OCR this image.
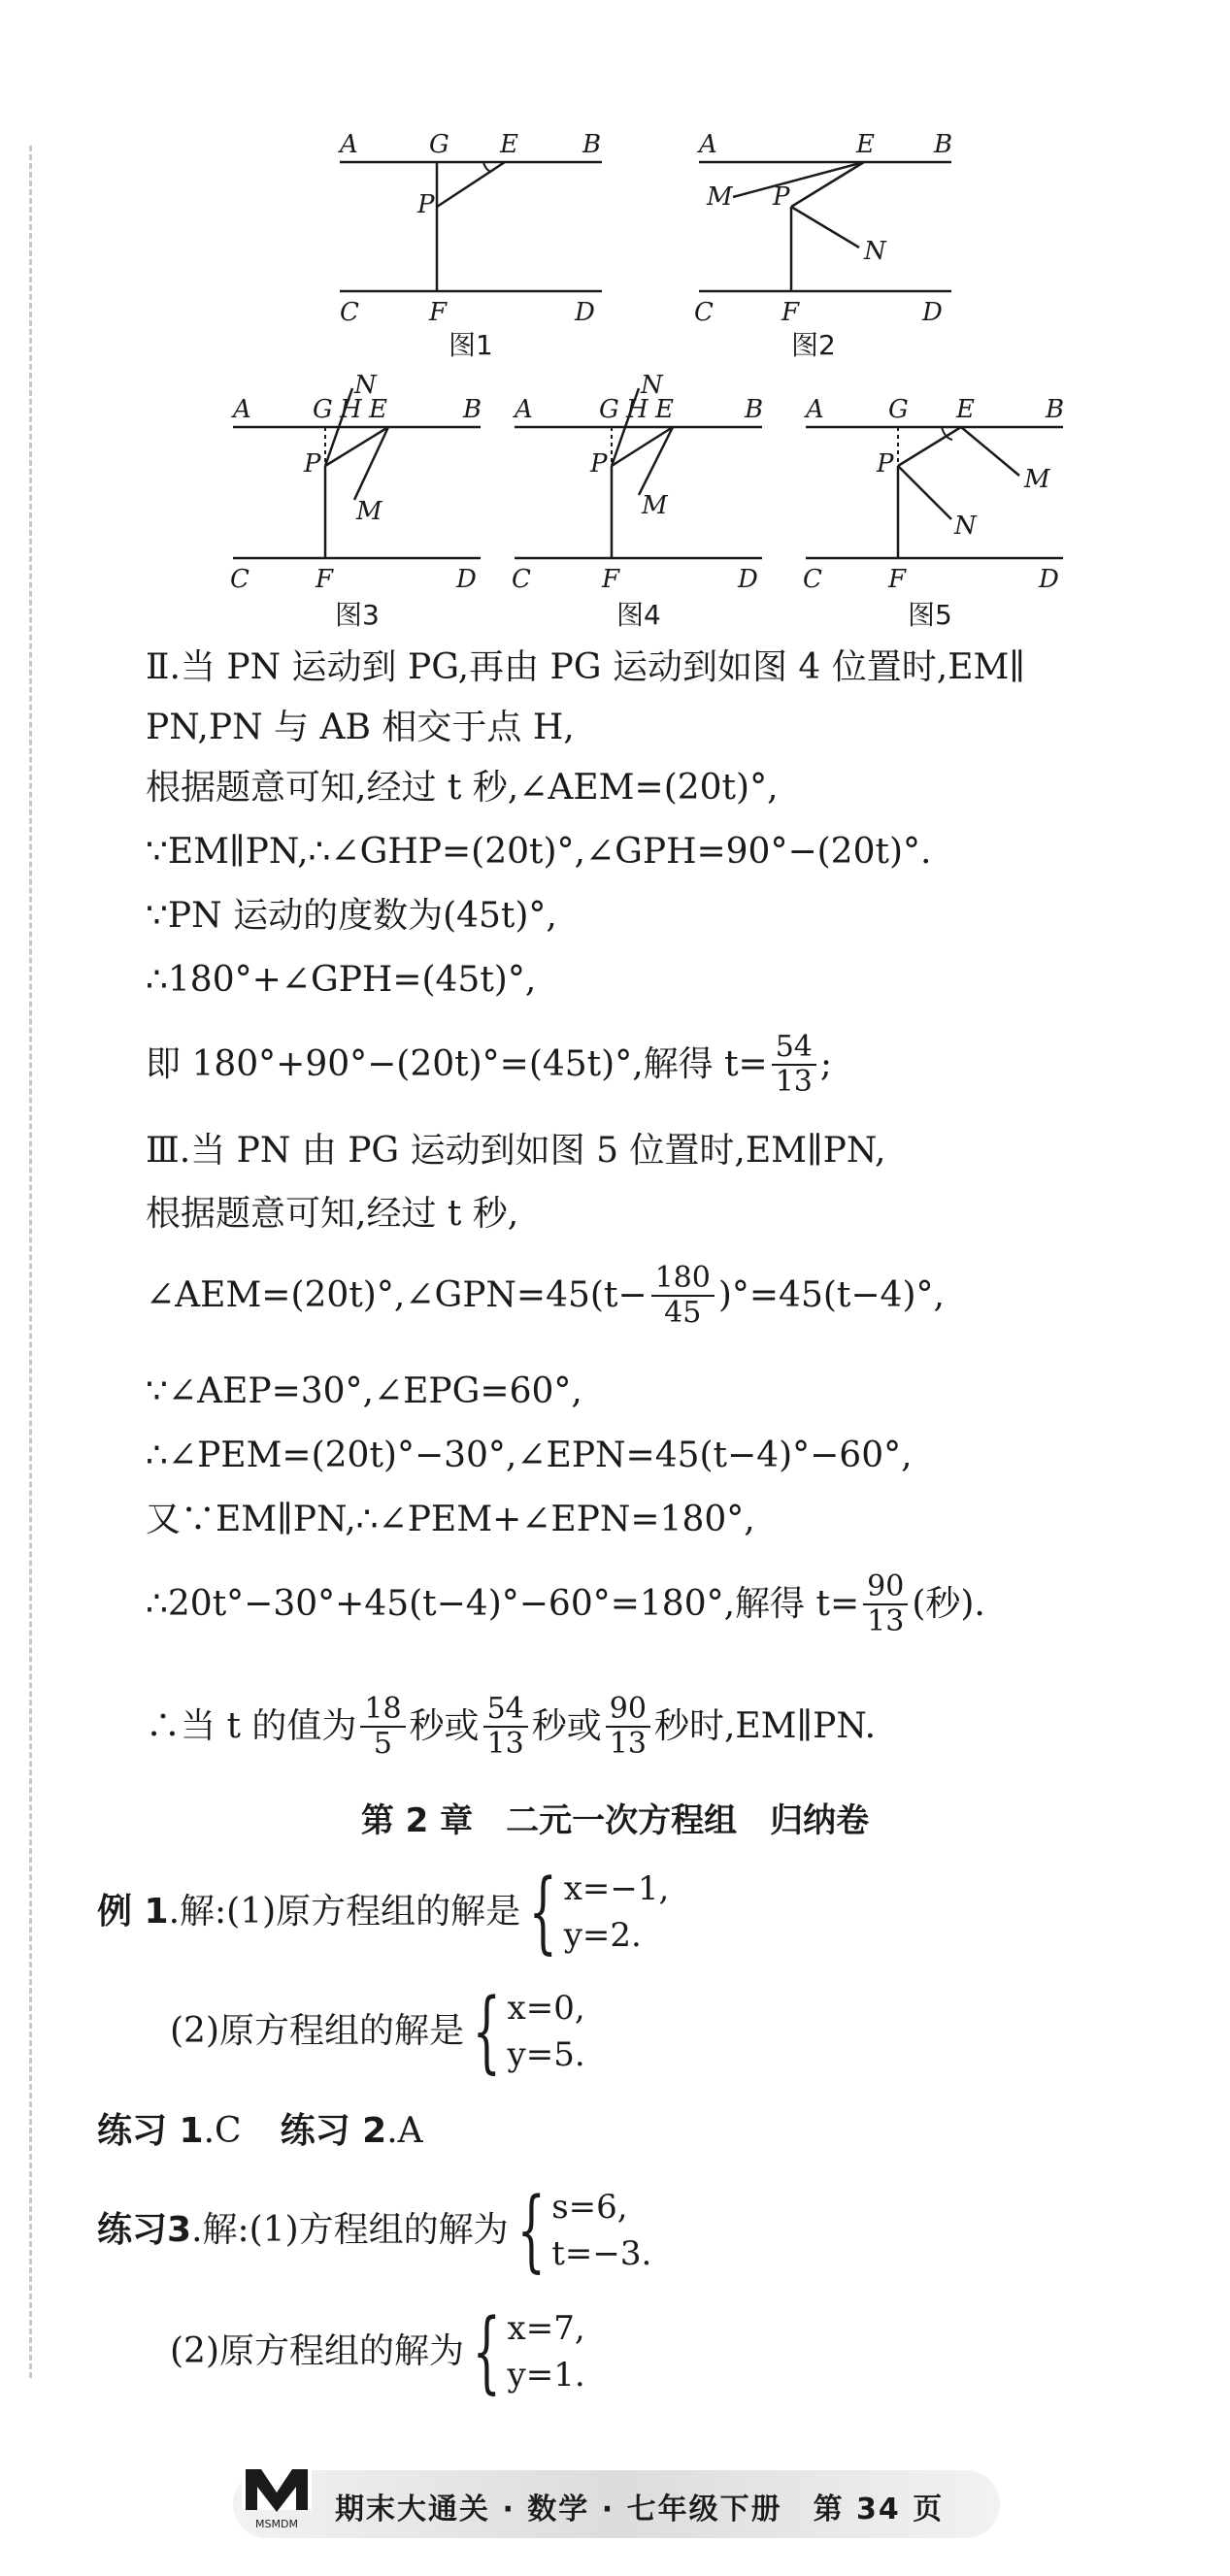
A	G E	B
P
C	F	D
图1
A	E B
M P
N
C	F	D
图2
N
A G H E	B
P
M
C	F	D
图3
N
A	G H E	B
P
M
C	F	D
图4
A	G E	B
P
M
N
C	F	D
图5
Ⅱ.当 PN 运动到 PG,再由 PG 运动到如图 4 位置时,EM∥
PN,PN 与 AB 相交于点 H,
根据题意可知,经过 t 秒,∠AEM=(20t)°,
∵EM∥PN,∴∠GHP=(20t)°,∠GPH=90°−(20t)°.
∵PN 运动的度数为(45t)°,
∴180°+∠GPH=(45t)°,
即 180°+90°−(20t)°=(45t)°,解得 $t= \frac{54}{13}$ ;
Ⅲ.当 PN 由 PG 运动到如图 5 位置时,EM∥PN,
根据题意可知,经过 t 秒,
∠AEM=(20t)°,∠GPN=45(t− $\frac{180}{45} )^\circ=45(t-4)^\circ$,
∵∠AEP=30°,∠EPG=60°,
∴∠PEM=(20t)°−30°,∠EPN=45(t−4)°−60°,
又∵EM∥PN,∴∠PEM+∠EPN=180°,
∴20t°−30°+45(t−4)°−60°=180°,解得 $t= \frac{90}{13}$ (秒).
∴当 t 的值为 $\frac{18}{5}$ 秒或 $\frac{54}{13}$ 秒或 $\frac{90}{13}$ 秒时,EM∥PN.
第 2 章　二元一次方程组　归纳卷
例 1.解:(1)原方程组的解是{ x=−1,
y=2.
(2)原方程组的解是{ x=0,
y=5.
练习 1.C 练习 2.A
练习3.解:(1)方程组的解为{ s=6,
t=−3.
(2)原方程组的解为{ x=7,
y=1.
MSMDM 期末大通关 · 数学 · 七年级下册　第 34 页
